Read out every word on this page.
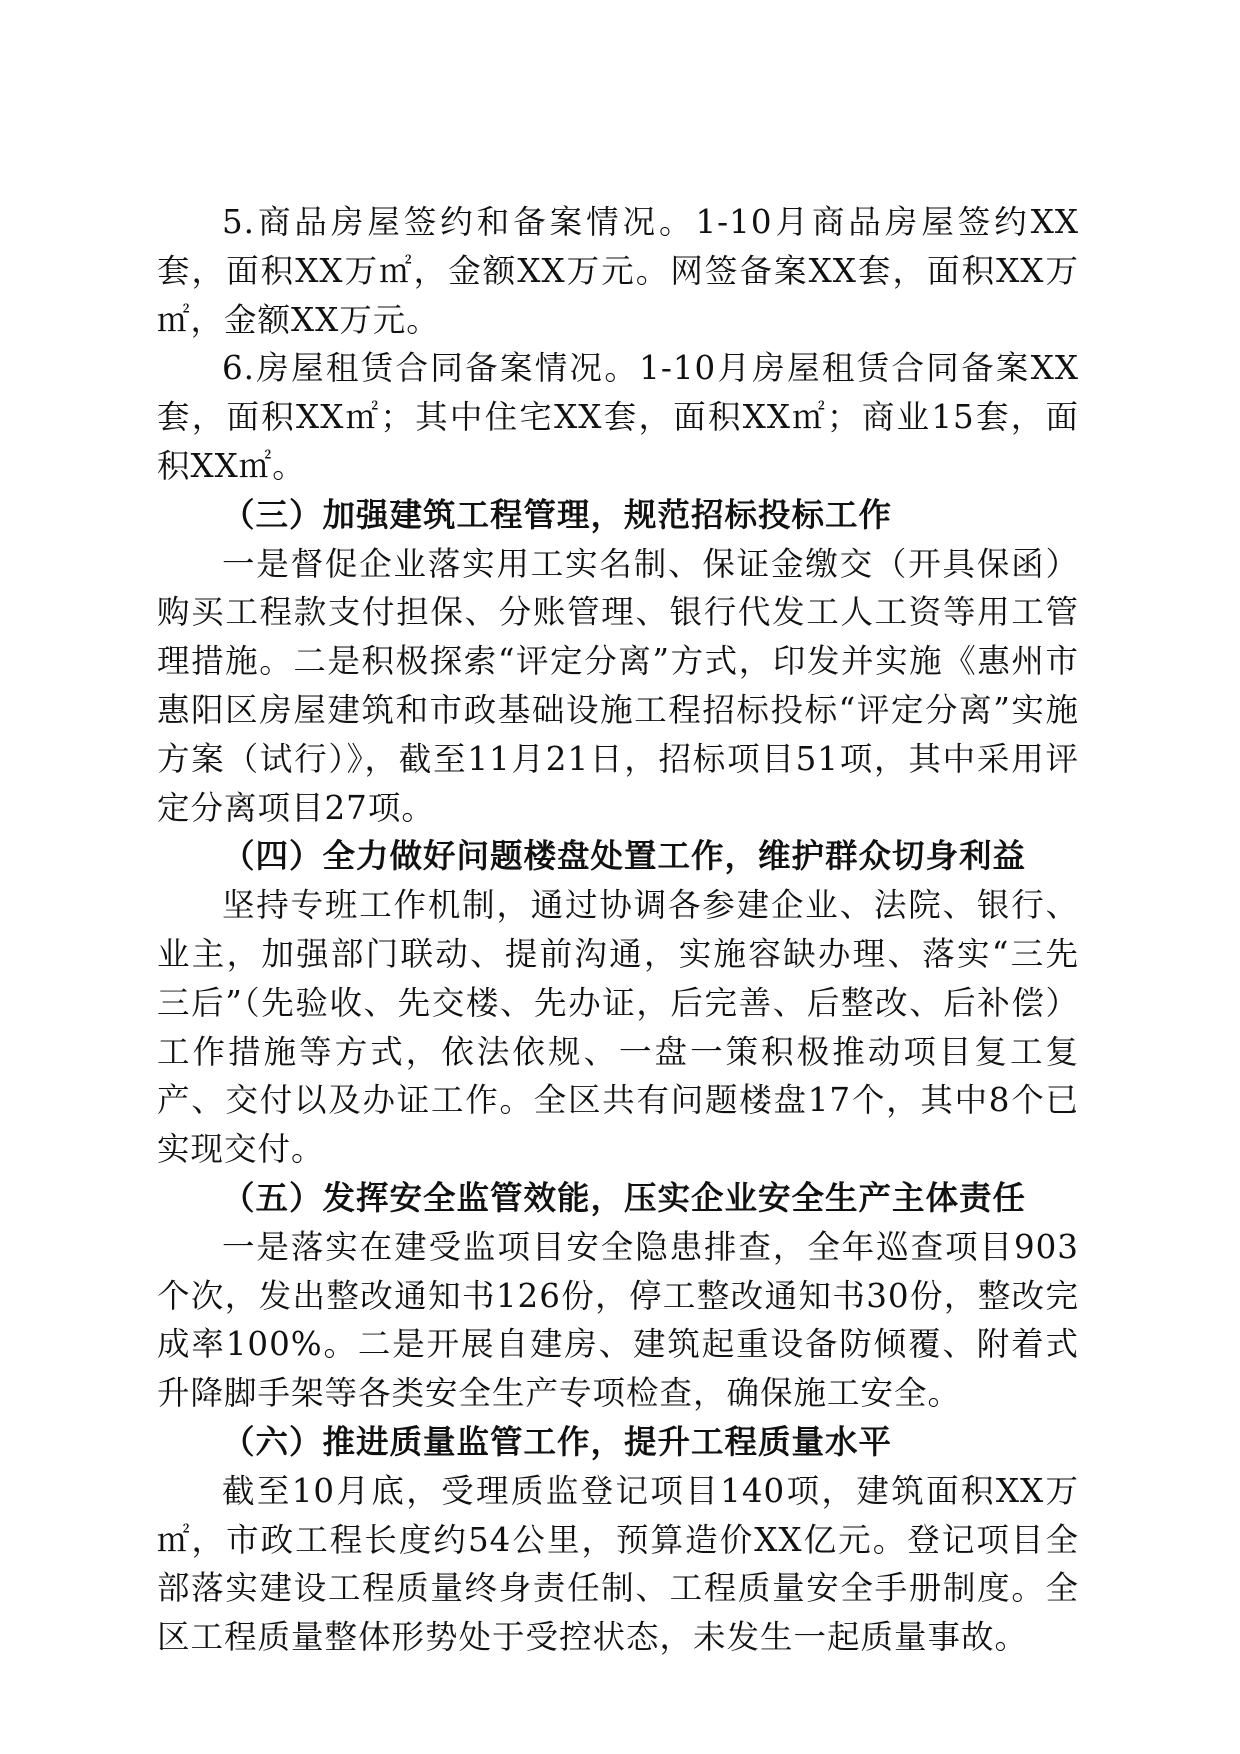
5.商品房屋签约和备案情况。1-10月商品房屋签约XX套，面积XX万㎡，金额XX万元。网签备案XX套，面积XX万㎡，金额XX万元。

6.房屋租赁合同备案情况。1-10月房屋租赁合同备案XX套，面积XX㎡；其中住宅XX套，面积XX㎡；商业15套，面积XX㎡。

（三）加强建筑工程管理，规范招标投标工作

一是督促企业落实用工实名制、保证金缴交（开具保函）购买工程款支付担保、分账管理、银行代发工人工资等用工管理措施。二是积极探索“评定分离”方式，印发并实施《惠州市惠阳区房屋建筑和市政基础设施工程招标投标“评定分离”实施方案（试行）》，截至11月21日，招标项目51项，其中采用评定分离项目27项。

（四）全力做好问题楼盘处置工作，维护群众切身利益

坚持专班工作机制，通过协调各参建企业、法院、银行、业主，加强部门联动、提前沟通，实施容缺办理、落实“三先三后”（先验收、先交楼、先办证，后完善、后整改、后补偿）工作措施等方式，依法依规、一盘一策积极推动项目复工复产、交付以及办证工作。全区共有问题楼盘17个，其中8个已实现交付。

（五）发挥安全监管效能，压实企业安全生产主体责任

一是落实在建受监项目安全隐患排查，全年巡查项目903个次，发出整改通知书126份，停工整改通知书30份，整改完成率100%。二是开展自建房、建筑起重设备防倾覆、附着式升降脚手架等各类安全生产专项检查，确保施工安全。

（六）推进质量监管工作，提升工程质量水平

截至10月底，受理质监登记项目140项，建筑面积XX万㎡，市政工程长度约54公里，预算造价XX亿元。登记项目全部落实建设工程质量终身责任制、工程质量安全手册制度。全区工程质量整体形势处于受控状态，未发生一起质量事故。
